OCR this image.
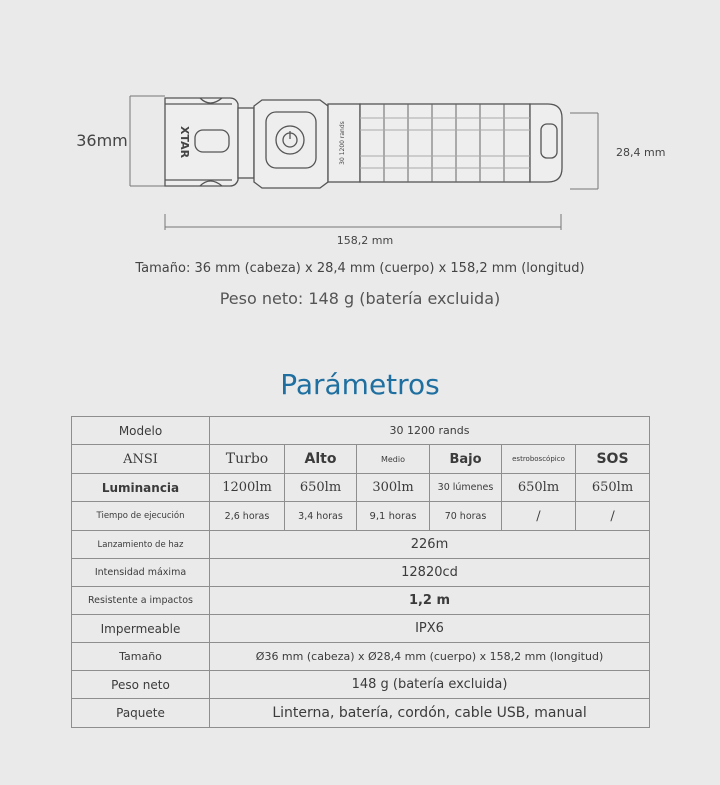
36mm
28,4 mm
158,2 mm
XTAR	30 1200 rands
Tamaño: 36 mm (cabeza) x 28,4 mm (cuerpo) x 158,2 mm (longitud)
Peso neto: 148 g (batería excluida)
Parámetros
Modelo	30 1200 rands					
ANSI	Turbo	Alto	Medio	Bajo	estroboscópico	SOS
Luminancia	1200lm	650lm	300lm	30 lúmenes	650lm	650lm
Tiempo de ejecución	2,6 horas	3,4 horas	9,1 horas	70 horas	/	/
Lanzamiento de haz	226m					
Intensidad máxima	12820cd					
Resistente a impactos	1,2 m					
Impermeable	IPX6					
Tamaño	Ø36 mm (cabeza) x Ø28,4 mm (cuerpo) x 158,2 mm (longitud)					
Peso neto	148 g (batería excluida)					
Paquete	Linterna, batería, cordón, cable USB, manual					
